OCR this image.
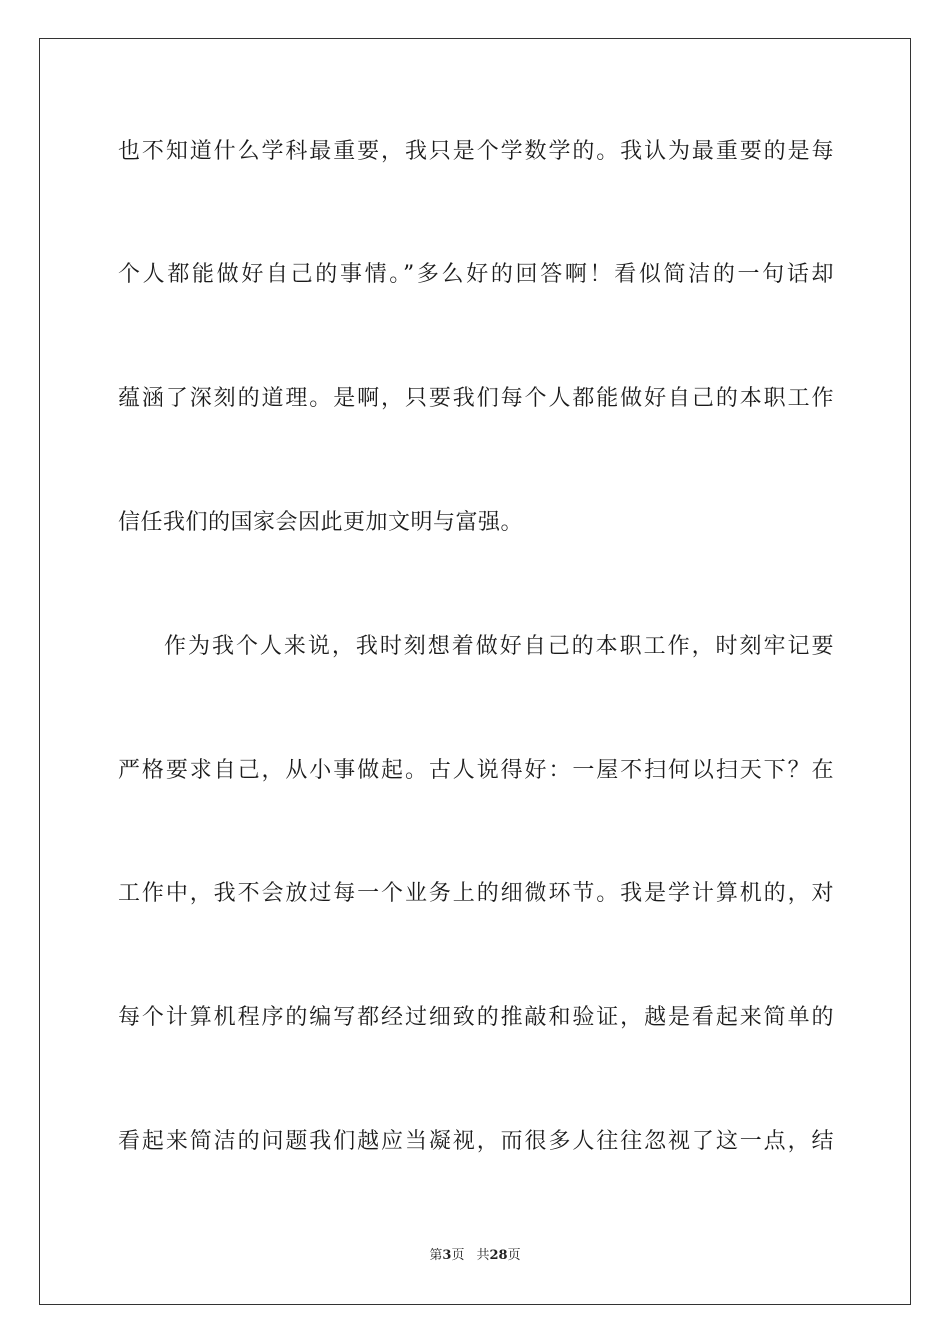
也不知道什么学科最重要，我只是个学数学的。我认为最重要的是每
个人都能做好自己的事情。”多么好的回答啊！看似简洁的一句话却
蕴涵了深刻的道理。是啊，只要我们每个人都能做好自己的本职工作
信任我们的国家会因此更加文明与富强。
作为我个人来说，我时刻想着做好自己的本职工作，时刻牢记要
严格要求自己，从小事做起。古人说得好：一屋不扫何以扫天下？在
工作中，我不会放过每一个业务上的细微环节。我是学计算机的，对
每个计算机程序的编写都经过细致的推敲和验证，越是看起来简单的
看起来简洁的问题我们越应当凝视，而很多人往往忽视了这一点，结
第3页 共28页
